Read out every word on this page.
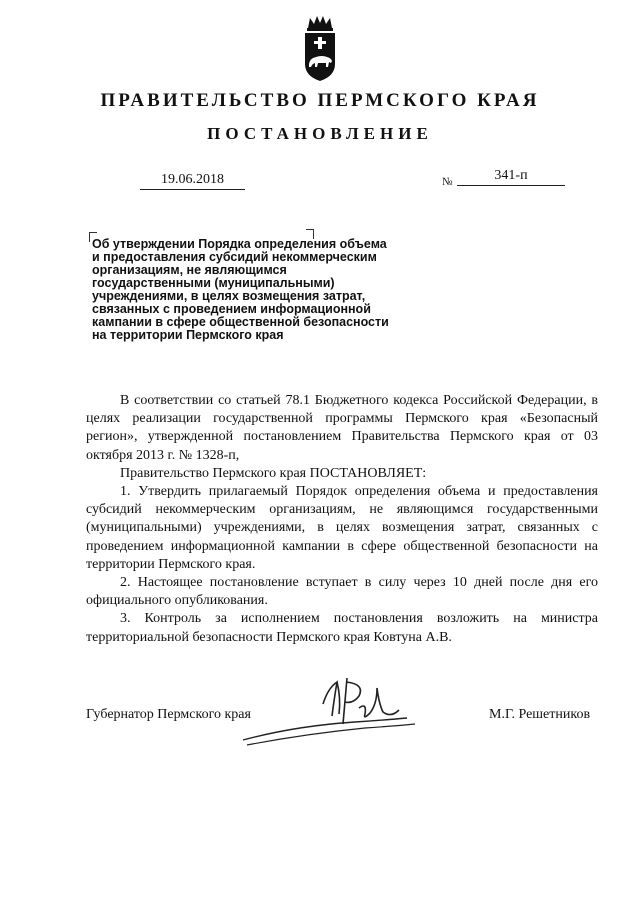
ПРАВИТЕЛЬСТВО ПЕРМСКОГО КРАЯ
ПОСТАНОВЛЕНИЕ
19.06.2018	№	341-п
Об утверждении Порядка определения объема
и предоставления субсидий некоммерческим
организациям, не являющимся
государственными (муниципальными)
учреждениями, в целях возмещения затрат,
связанных с проведением информационной
кампании в сфере общественной безопасности
на территории Пермского края

В соответствии со статьей 78.1 Бюджетного кодекса Российской Федерации, в целях реализации государственной программы Пермского края «Безопасный регион», утвержденной постановлением Правительства Пермского края от 03 октября 2013 г. № 1328-п,

Правительство Пермского края ПОСТАНОВЛЯЕТ:

1. Утвердить прилагаемый Порядок определения объема и предоставления субсидий некоммерческим организациям, не являющимся государственными (муниципальными) учреждениями, в целях возмещения затрат, связанных с проведением информационной кампании в сфере общественной безопасности на территории Пермского края.

2. Настоящее постановление вступает в силу через 10 дней после дня его официального опубликования.

3. Контроль за исполнением постановления возложить на министра территориальной безопасности Пермского края Ковтуна А.В.

Губернатор Пермского края	М.Г. Решетников
